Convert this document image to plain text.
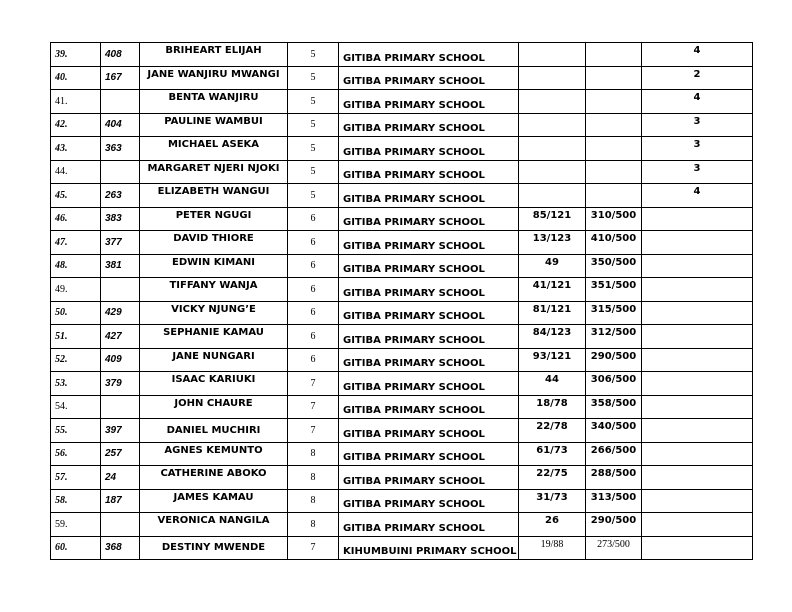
39.	408	BRIHEART ELIJAH	5	GITIBA PRIMARY SCHOOL			4
40.	167	JANE WANJIRU MWANGI	5	GITIBA PRIMARY SCHOOL			2
41.		BENTA WANJIRU	5	GITIBA PRIMARY SCHOOL			4
42.	404	PAULINE WAMBUI	5	GITIBA PRIMARY SCHOOL			3
43.	363	MICHAEL ASEKA	5	GITIBA PRIMARY SCHOOL			3
44.		MARGARET NJERI NJOKI	5	GITIBA PRIMARY SCHOOL			3
45.	263	ELIZABETH WANGUI	5	GITIBA PRIMARY SCHOOL			4
46.	383	PETER NGUGI	6	GITIBA PRIMARY SCHOOL	85/121	310/500	
47.	377	DAVID THIORE	6	GITIBA PRIMARY SCHOOL	13/123	410/500	
48.	381	EDWIN KIMANI	6	GITIBA PRIMARY SCHOOL	49	350/500	
49.		TIFFANY WANJA	6	GITIBA PRIMARY SCHOOL	41/121	351/500	
50.	429	VICKY NJUNG’E	6	GITIBA PRIMARY SCHOOL	81/121	315/500	
51.	427	SEPHANIE KAMAU	6	GITIBA PRIMARY SCHOOL	84/123	312/500	
52.	409	JANE NUNGARI	6	GITIBA PRIMARY SCHOOL	93/121	290/500	
53.	379	ISAAC KARIUKI	7	GITIBA PRIMARY SCHOOL	44	306/500	
54.		JOHN CHAURE	7	GITIBA PRIMARY SCHOOL	18/78	358/500	
55.	397	DANIEL MUCHIRI	7	GITIBA PRIMARY SCHOOL	22/78	340/500	
56.	257	AGNES KEMUNTO	8	GITIBA PRIMARY SCHOOL	61/73	266/500	
57.	24	CATHERINE ABOKO	8	GITIBA PRIMARY SCHOOL	22/75	288/500	
58.	187	JAMES KAMAU	8	GITIBA PRIMARY SCHOOL	31/73	313/500	
59.		VERONICA NANGILA	8	GITIBA PRIMARY SCHOOL	26	290/500	
60.	368	DESTINY MWENDE	7	KIHUMBUINI PRIMARY SCHOOL	19/88	273/500	
